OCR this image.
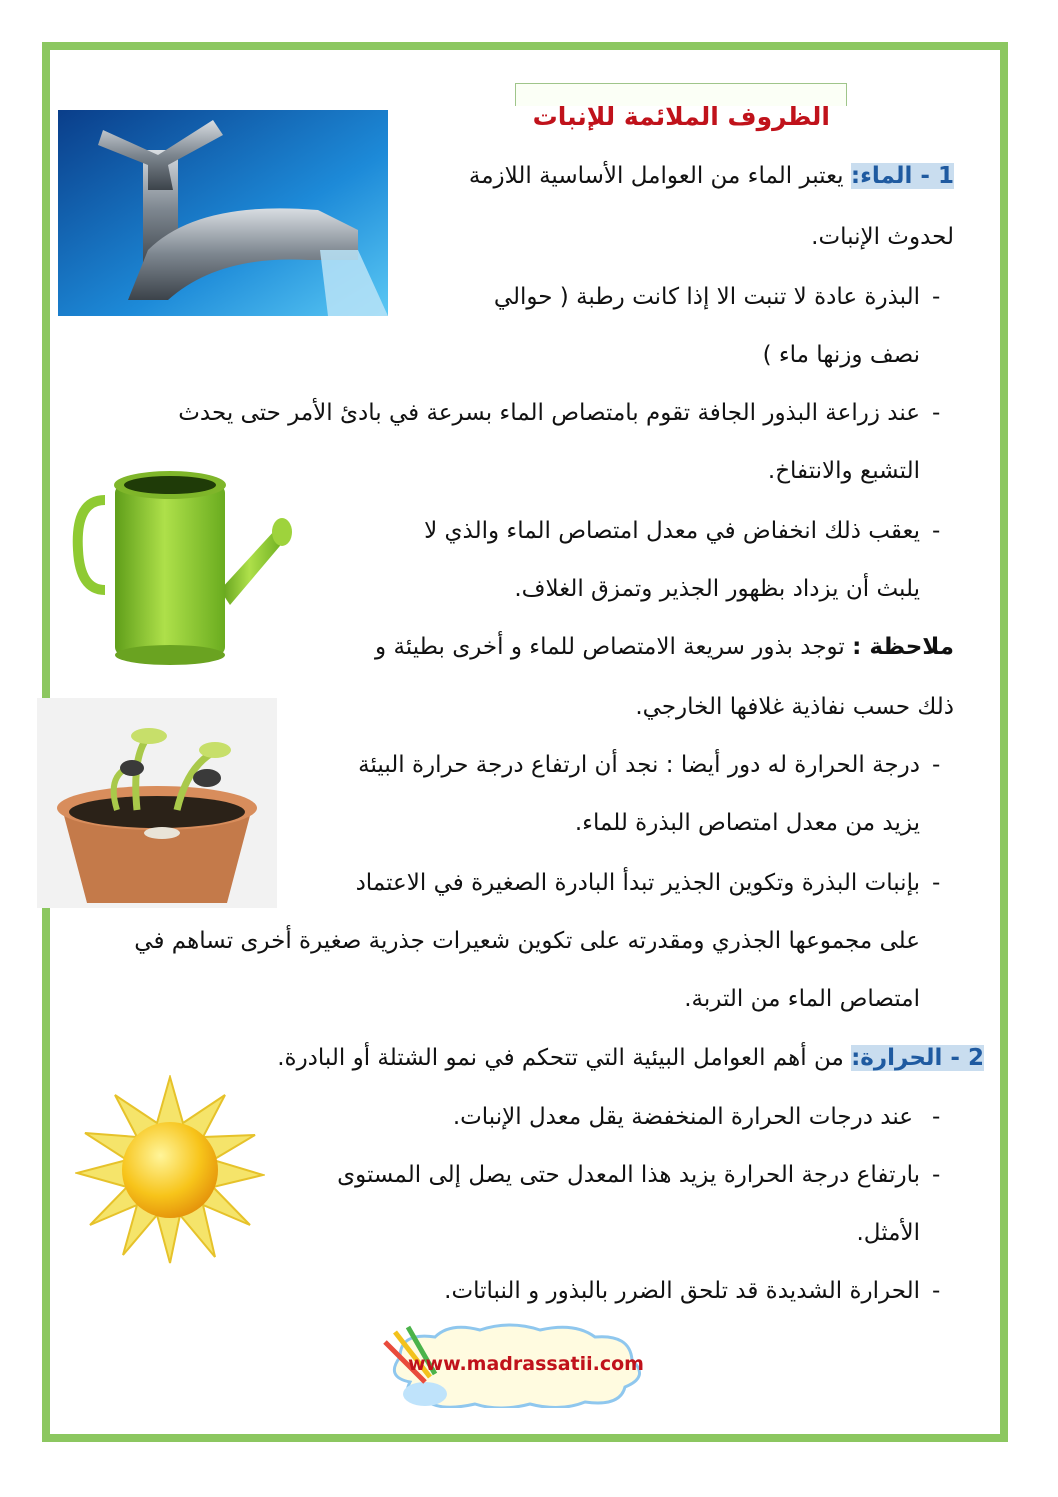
الظروف الملائمة للإنبات
1 - الماء: يعتبر الماء من العوامل الأساسية اللازمة
لحدوث الإنبات.
-
البذرة عادة لا تنبت الا إذا كانت رطبة ( حوالي
نصف وزنها ماء )
-
عند زراعة البذور الجافة تقوم بامتصاص الماء بسرعة في بادئ الأمر حتى يحدث
التشبع والانتفاخ.
-
يعقب ذلك انخفاض في معدل امتصاص الماء والذي لا
يلبث أن يزداد بظهور الجذير وتمزق الغلاف.
ملاحظة : توجد بذور سريعة الامتصاص للماء و أخرى بطيئة و
ذلك حسب نفاذية غلافها الخارجي.
-
درجة الحرارة له دور أيضا : نجد أن ارتفاع درجة حرارة البيئة
يزيد من معدل امتصاص البذرة للماء.
-
بإنبات البذرة وتكوين الجذير تبدأ البادرة الصغيرة في الاعتماد
على مجموعها الجذري ومقدرته على تكوين شعيرات جذرية صغيرة أخرى تساهم في
امتصاص الماء من التربة.
2 - الحرارة: من أهم العوامل البيئية التي تتحكم في نمو الشتلة أو البادرة.
-
عند درجات الحرارة المنخفضة يقل معدل الإنبات.
-
بارتفاع درجة الحرارة يزيد هذا المعدل حتى يصل إلى المستوى
الأمثل.
-
الحرارة الشديدة قد تلحق الضرر بالبذور و النباتات.
www.madrassatii.com
